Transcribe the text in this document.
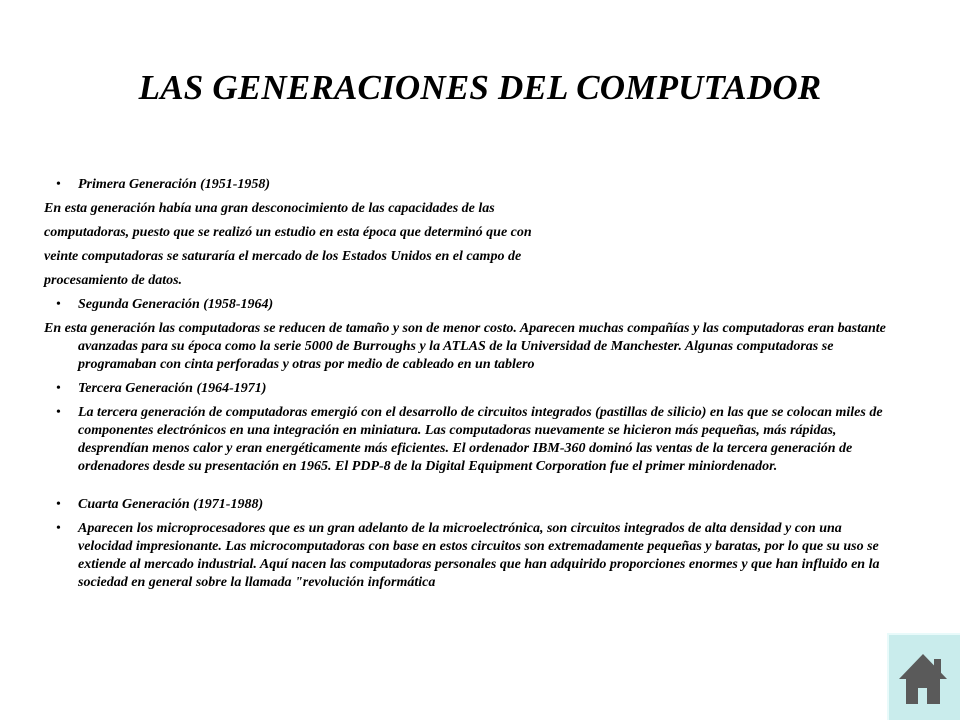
LAS GENERACIONES DEL COMPUTADOR
• Primera Generación (1951-1958)
En esta generación había una gran desconocimiento de las capacidades de las
computadoras, puesto que se realizó un estudio en esta época que determinó que con
veinte computadoras se saturaría el mercado de los Estados Unidos en el campo de
procesamiento de datos.
• Segunda Generación (1958-1964)
En esta generación las computadoras se reducen de tamaño y son de menor costo. Aparecen muchas compañías y las computadoras eran bastante avanzadas para su época como la serie 5000 de Burroughs y la ATLAS de la Universidad de Manchester. Algunas computadoras se programaban con cinta perforadas y otras por medio de cableado en un tablero
• Tercera Generación (1964-1971)
• La tercera generación de computadoras emergió con el desarrollo de circuitos integrados (pastillas de silicio) en las que se colocan miles de componentes electrónicos en una integración en miniatura. Las computadoras nuevamente se hicieron más pequeñas, más rápidas, desprendían menos calor y eran energéticamente más eficientes. El ordenador IBM-360 dominó las ventas de la tercera generación de ordenadores desde su presentación en 1965. El PDP-8 de la Digital Equipment Corporation fue el primer miniordenador.
• Cuarta Generación (1971-1988)
• Aparecen los microprocesadores que es un gran adelanto de la microelectrónica, son circuitos integrados de alta densidad y con una velocidad impresionante. Las microcomputadoras con base en estos circuitos son extremadamente pequeñas y baratas, por lo que su uso se extiende al mercado industrial. Aquí nacen las computadoras personales que han adquirido proporciones enormes y que han influido en la sociedad en general sobre la llamada "revolución informática
